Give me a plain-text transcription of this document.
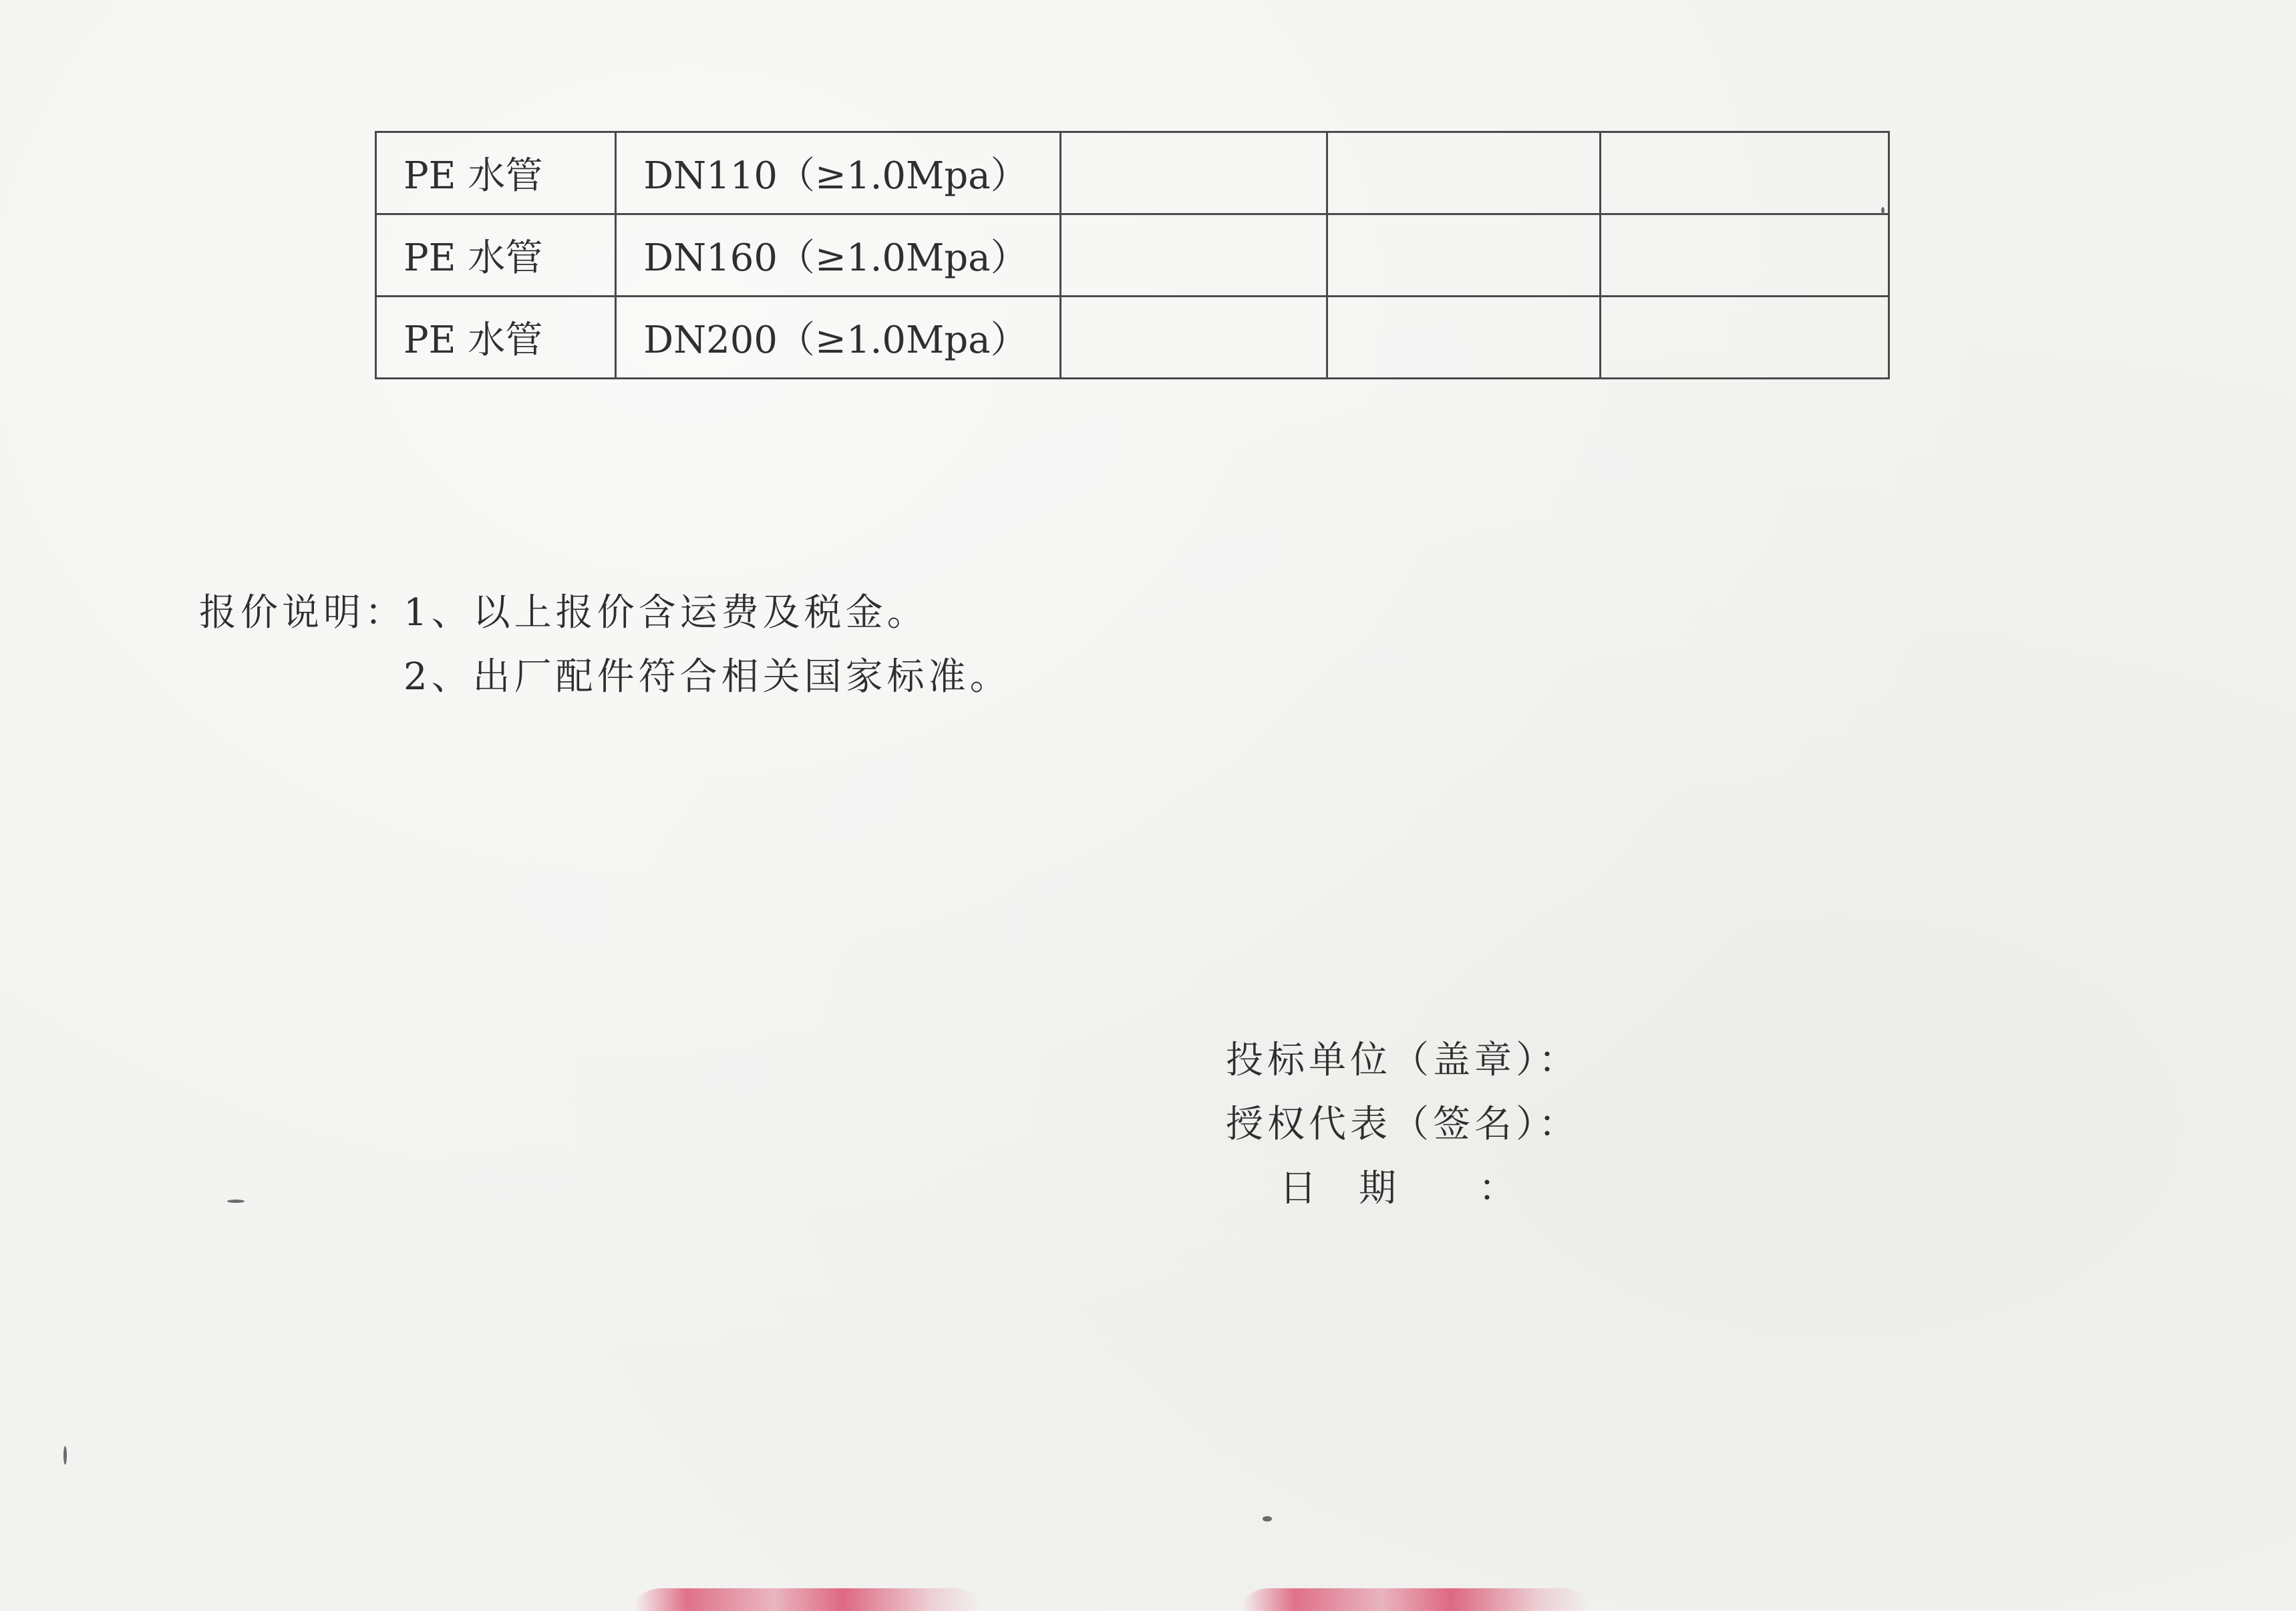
PE 水管	DN110（≥1.0Mpa）			
PE 水管	DN160（≥1.0Mpa）			
PE 水管	DN200（≥1.0Mpa）			
报价说明：
1、以上报价含运费及税金。
2、出厂配件符合相关国家标准。
投标单位（盖章）：
授权代表（签名）：
日 期 ：
